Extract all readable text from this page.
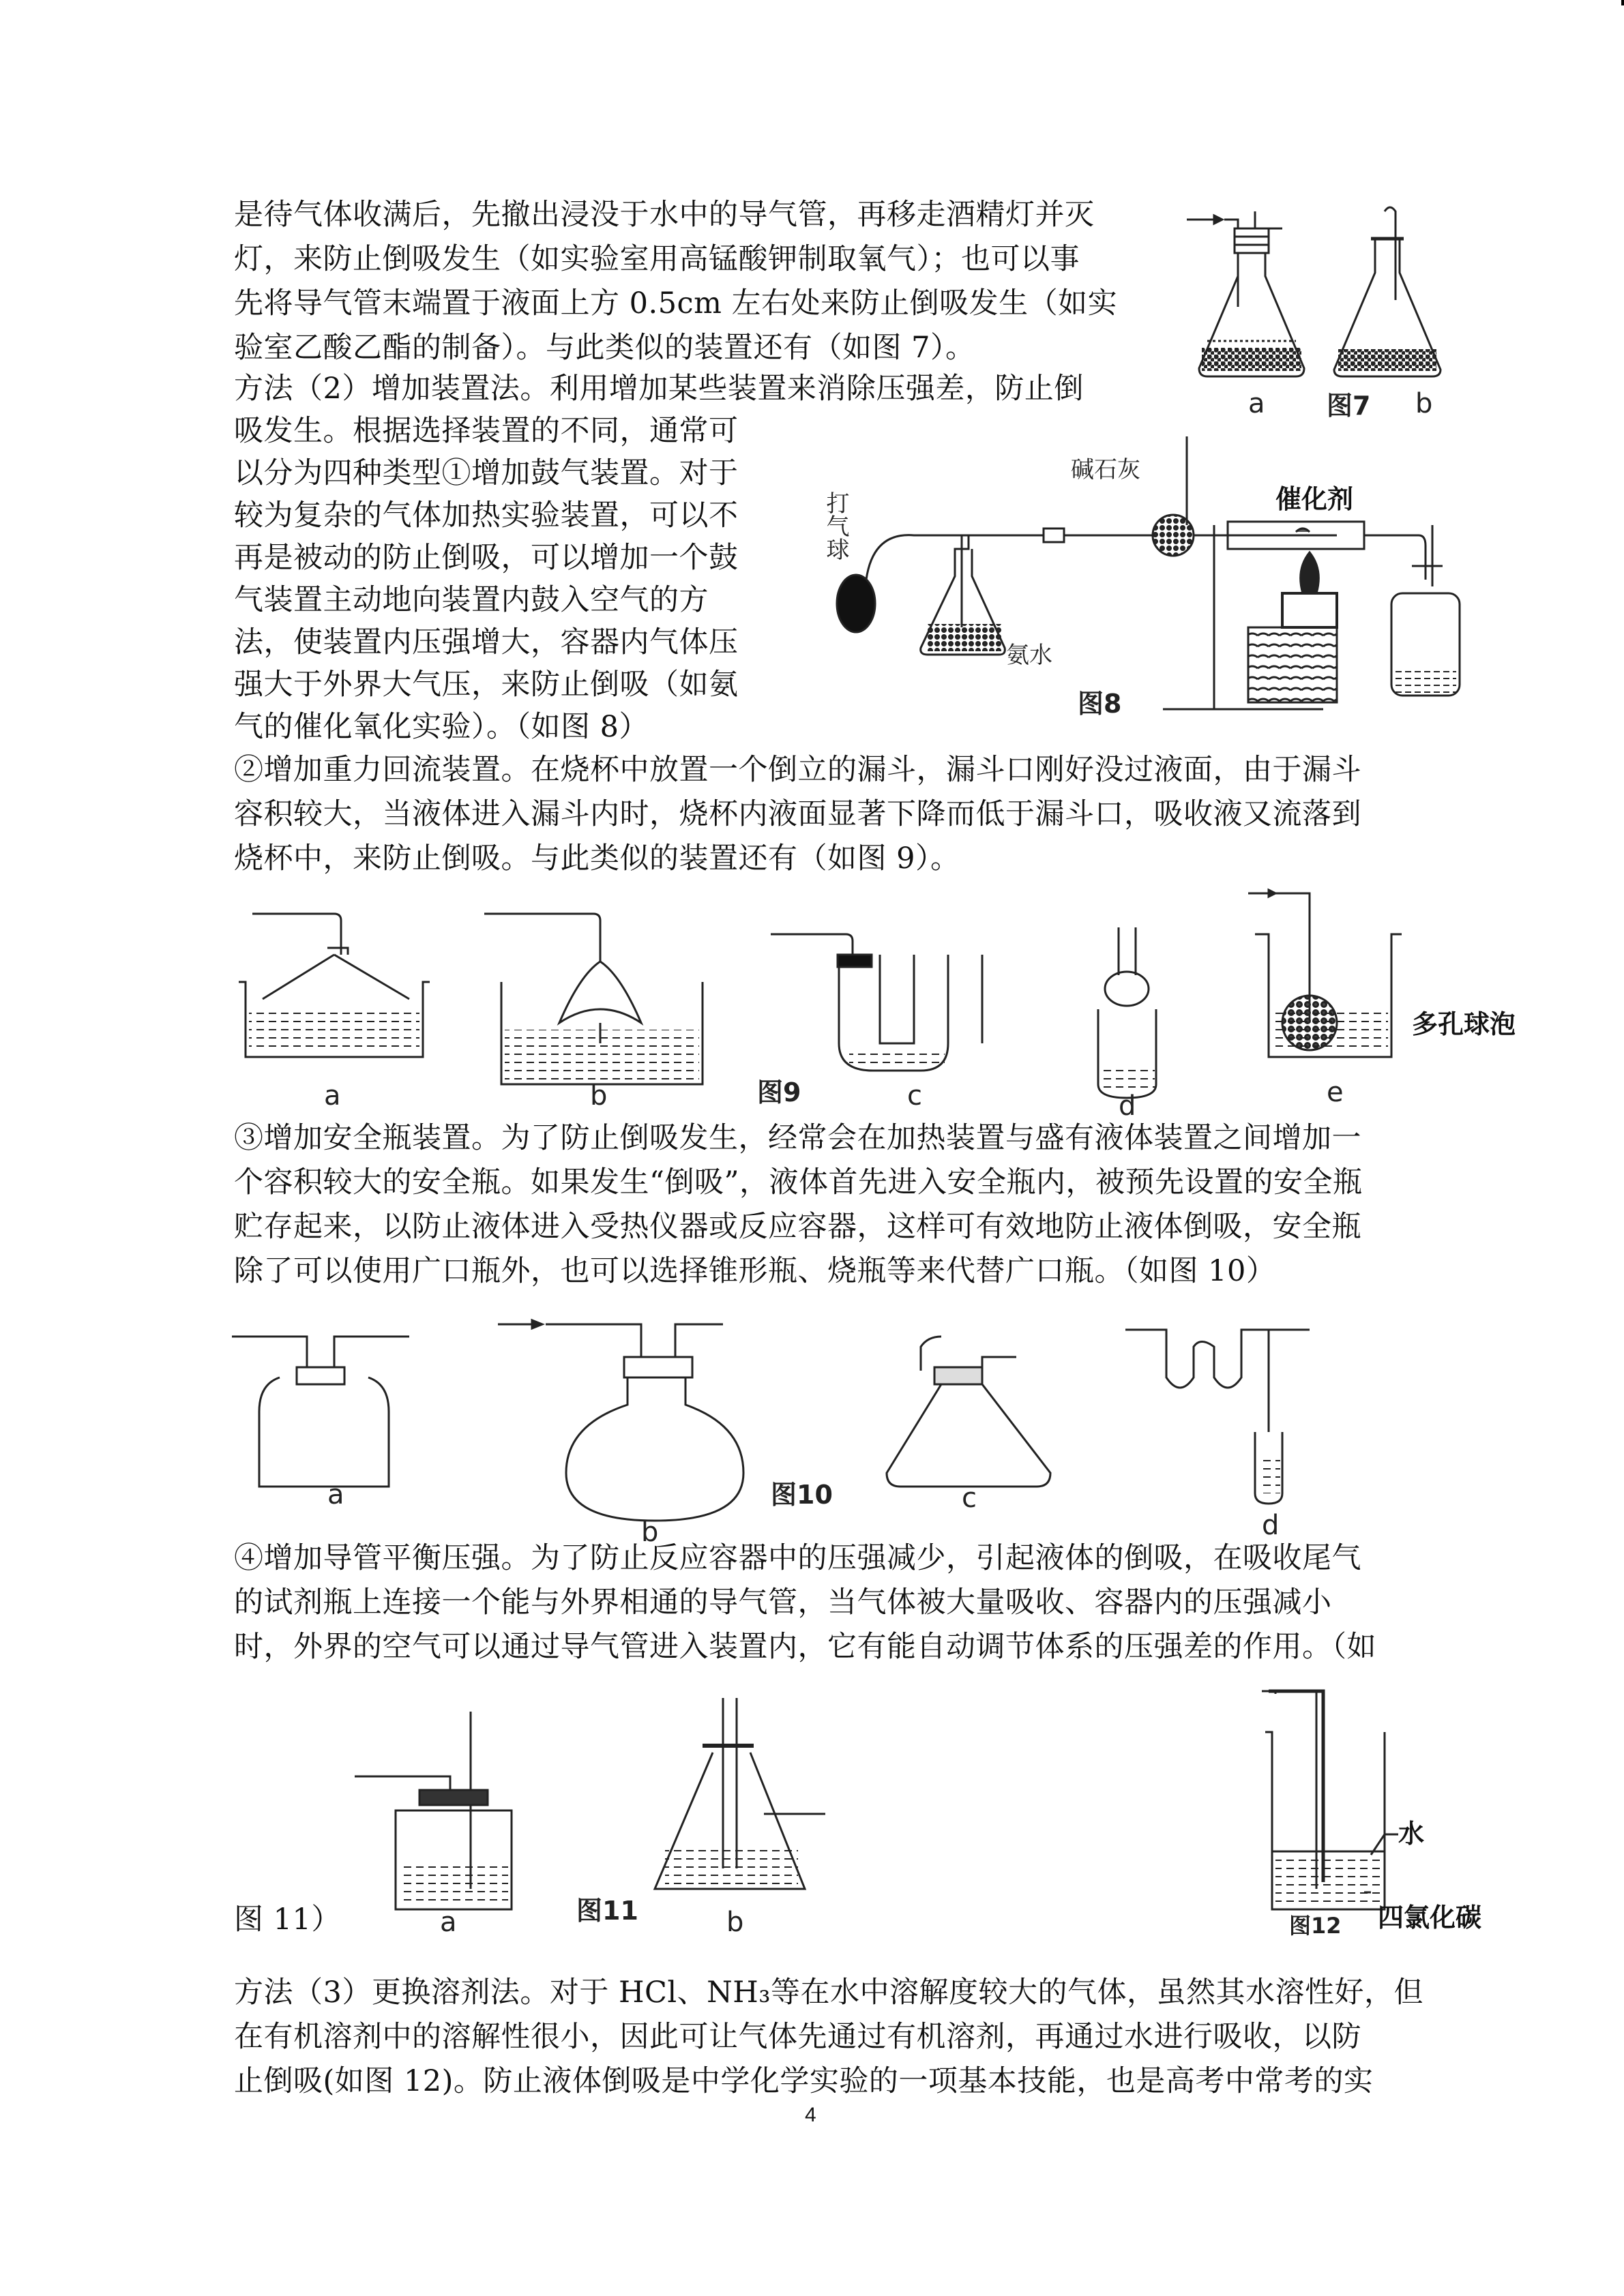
是待气体收满后，先撤出浸没于水中的导气管，再移走酒精灯并灭
灯，来防止倒吸发生（如实验室用高锰酸钾制取氧气）；也可以事
先将导气管末端置于液面上方 0.5cm 左右处来防止倒吸发生（如实
验室乙酸乙酯的制备）。与此类似的装置还有（如图 7）。
方法（2）增加装置法。利用增加某些装置来消除压强差，防止倒
吸发生。根据选择装置的不同，通常可
以分为四种类型①增加鼓气装置。对于
较为复杂的气体加热实验装置，可以不
再是被动的防止倒吸，可以增加一个鼓
气装置主动地向装置内鼓入空气的方
法，使装置内压强增大，容器内气体压
强大于外界大气压，来防止倒吸（如氨
气的催化氧化实验）。（如图 8）
②增加重力回流装置。在烧杯中放置一个倒立的漏斗，漏斗口刚好没过液面，由于漏斗
容积较大，当液体进入漏斗内时，烧杯内液面显著下降而低于漏斗口，吸收液又流落到
烧杯中，来防止倒吸。与此类似的装置还有（如图 9）。
③增加安全瓶装置。为了防止倒吸发生，经常会在加热装置与盛有液体装置之间增加一
个容积较大的安全瓶。如果发生“倒吸”，液体首先进入安全瓶内，被预先设置的安全瓶
贮存起来，以防止液体进入受热仪器或反应容器，这样可有效地防止液体倒吸，安全瓶
除了可以使用广口瓶外，也可以选择锥形瓶、烧瓶等来代替广口瓶。（如图 10）
④增加导管平衡压强。为了防止反应容器中的压强减少，引起液体的倒吸，在吸收尾气
的试剂瓶上连接一个能与外界相通的导气管，当气体被大量吸收、容器内的压强减小
时，外界的空气可以通过导气管进入装置内，它有能自动调节体系的压强差的作用。（如
图 11）
方法（3）更换溶剂法。对于 HCl、NH₃等在水中溶解度较大的气体，虽然其水溶性好，但
在有机溶剂中的溶解性很小，因此可让气体先通过有机溶剂，再通过水进行吸收，以防
止倒吸(如图 12)。防止液体倒吸是中学化学实验的一项基本技能，也是高考中常考的实
4
a 图7 b
打气球
氨水
碱石灰
催化剂
图8
a	b	图9	c	d
多孔球泡
e
a
b
图10	c
d
a	图11	b
水
四氯化碳
图12
